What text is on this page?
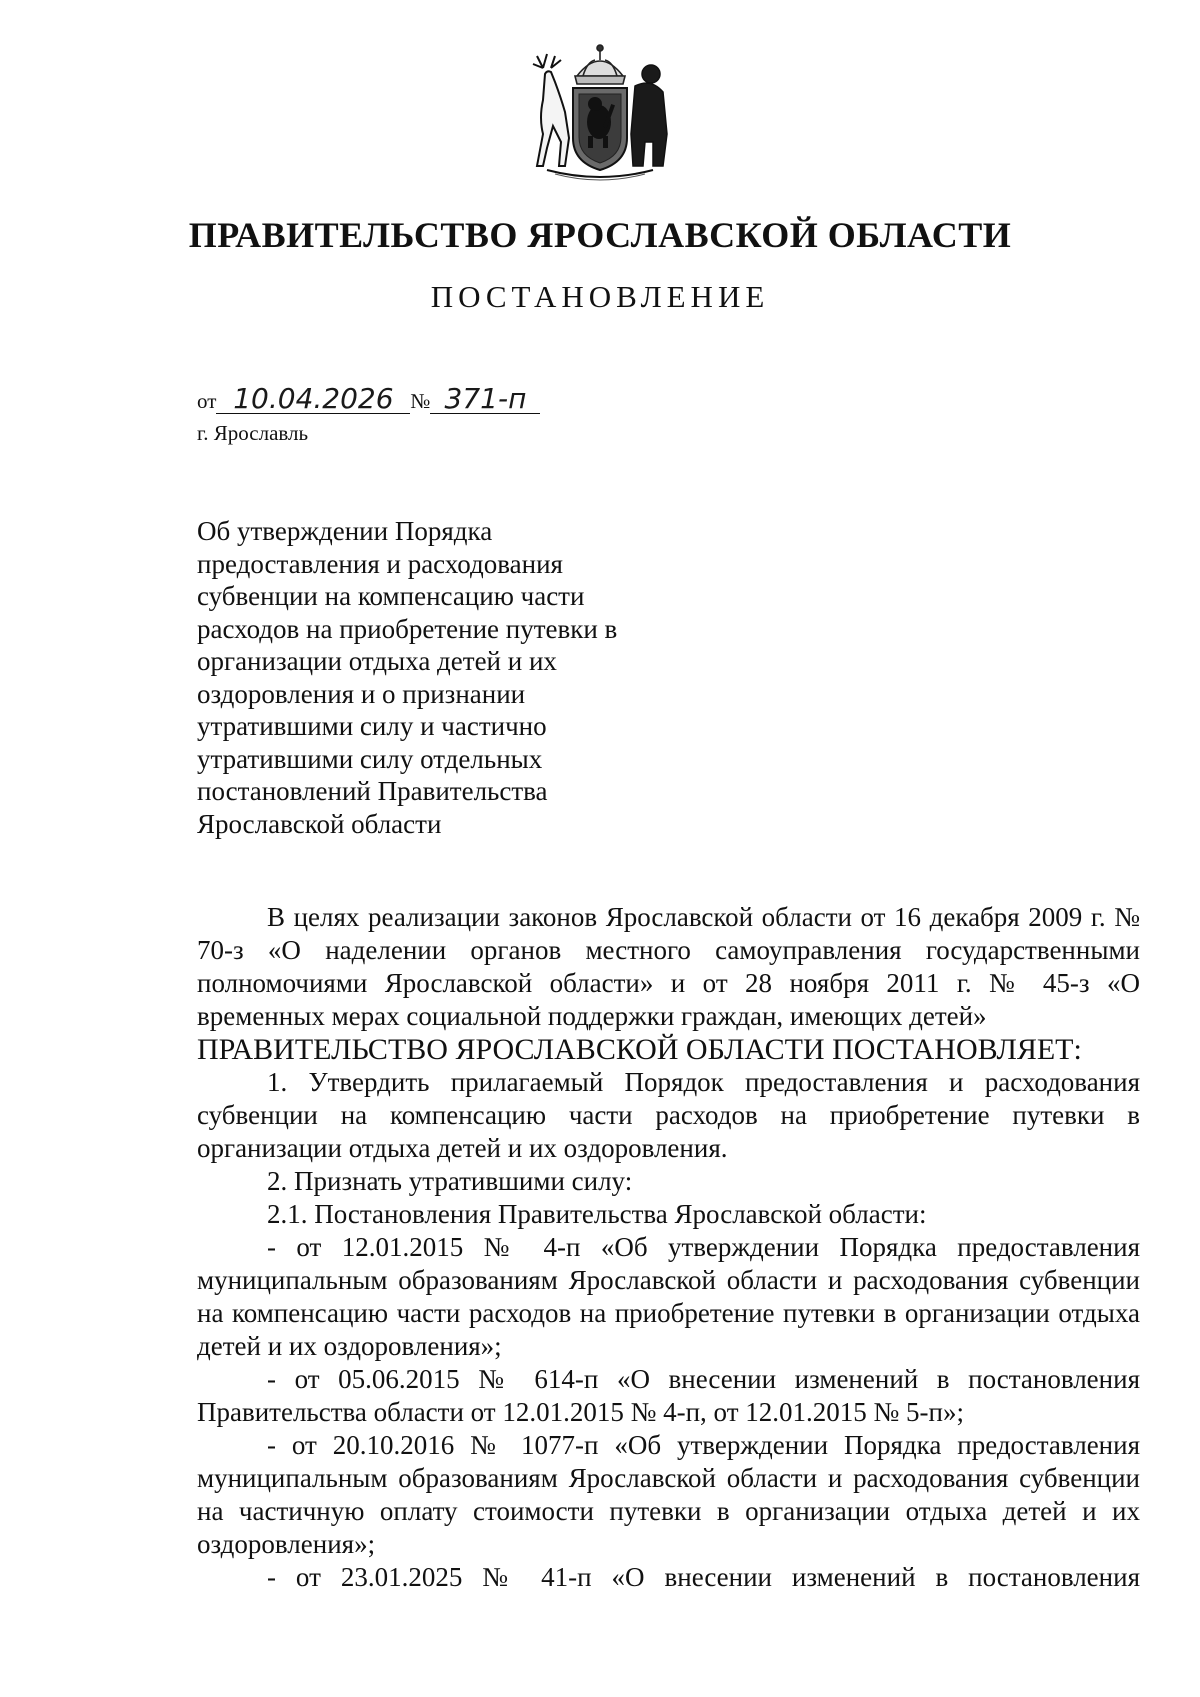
ПРАВИТЕЛЬСТВО ЯРОСЛАВСКОЙ ОБЛАСТИ
ПОСТАНОВЛЕНИЕ
от 10.04.2026 № 371-п
г. Ярославль
Об утверждении Порядка предоставления и расходования субвенции на компенсацию части расходов на приобретение путевки в организации отдыха детей и их оздоровления и о признании утратившими силу и частично утратившими силу отдельных постановлений Правительства Ярославской области

В целях реализации законов Ярославской области от 16 декабря 2009 г. № 70-з «О наделении органов местного самоуправления государственными полномочиями Ярославской области» и от 28 ноября 2011 г. № 45-з «О временных мерах социальной поддержки граждан, имеющих детей»

ПРАВИТЕЛЬСТВО ЯРОСЛАВСКОЙ ОБЛАСТИ ПОСТАНОВЛЯЕТ:

1. Утвердить прилагаемый Порядок предоставления и расходования субвенции на компенсацию части расходов на приобретение путевки в организации отдыха детей и их оздоровления.

2. Признать утратившими силу:

2.1. Постановления Правительства Ярославской области:

- от 12.01.2015 № 4-п «Об утверждении Порядка предоставления муниципальным образованиям Ярославской области и расходования субвенции на компенсацию части расходов на приобретение путевки в организации отдыха детей и их оздоровления»;

- от 05.06.2015 № 614-п «О внесении изменений в постановления Правительства области от 12.01.2015 № 4-п, от 12.01.2015 № 5-п»;

- от 20.10.2016 № 1077-п «Об утверждении Порядка предоставления муниципальным образованиям Ярославской области и расходования субвенции на частичную оплату стоимости путевки в организации отдыха детей и их оздоровления»;

- от 23.01.2025 № 41-п «О внесении изменений в постановления
